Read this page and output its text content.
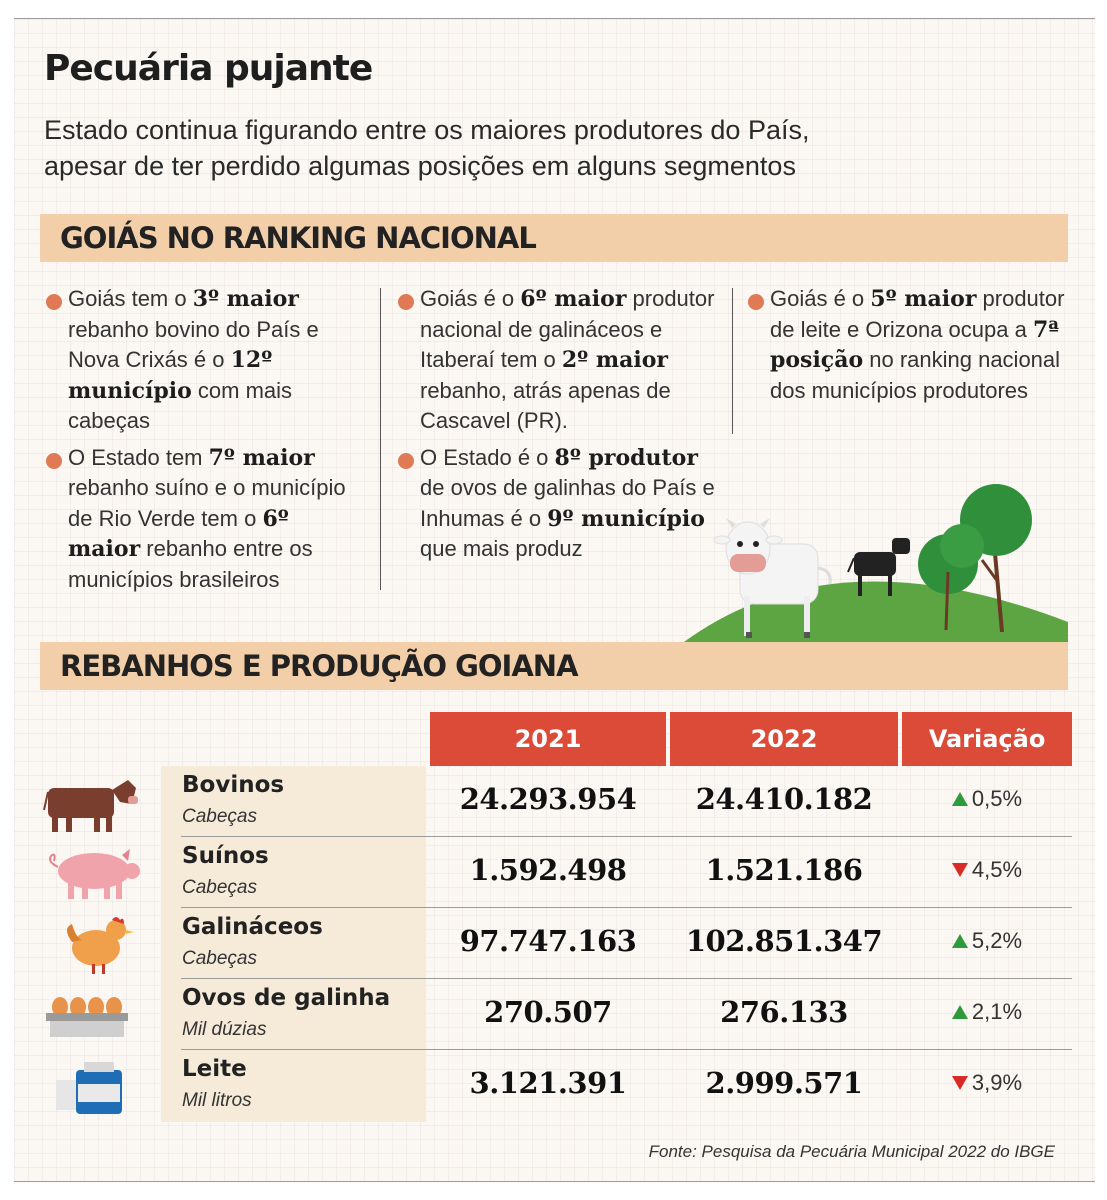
Pecuária pujante
Estado continua figurando entre os maiores produtores do País,
apesar de ter perdido algumas posições em alguns segmentos
GOIÁS NO RANKING NACIONAL

Goiás tem o 3º maior rebanho bovino do País e Nova Crixás é o 12º município com mais cabeças

O Estado tem 7º maior rebanho suíno e o município de Rio Verde tem o 6º maior rebanho entre os municípios brasileiros

Goiás é o 6º maior produtor nacional de galináceos e Itaberaí tem o 2º maior rebanho, atrás apenas de Cascavel (PR).

O Estado é o 8º produtor de ovos de galinhas do País e Inhumas é o 9º município que mais produz

Goiás é o 5º maior produtor de leite e Orizona ocupa a 7ª posição no ranking nacional dos municípios produtores

REBANHOS E PRODUÇÃO GOIANA
2021	2022	Variação
Bovinos
Cabeças
24.293.954	24.410.182	0,5%
Suínos
Cabeças
1.592.498	1.521.186	4,5%
Galináceos
Cabeças
97.747.163	102.851.347	5,2%
Ovos de galinha
Mil dúzias
270.507	276.133	2,1%
Leite
Mil litros
3.121.391	2.999.571	3,9%
Fonte: Pesquisa da Pecuária Municipal 2022 do IBGE
